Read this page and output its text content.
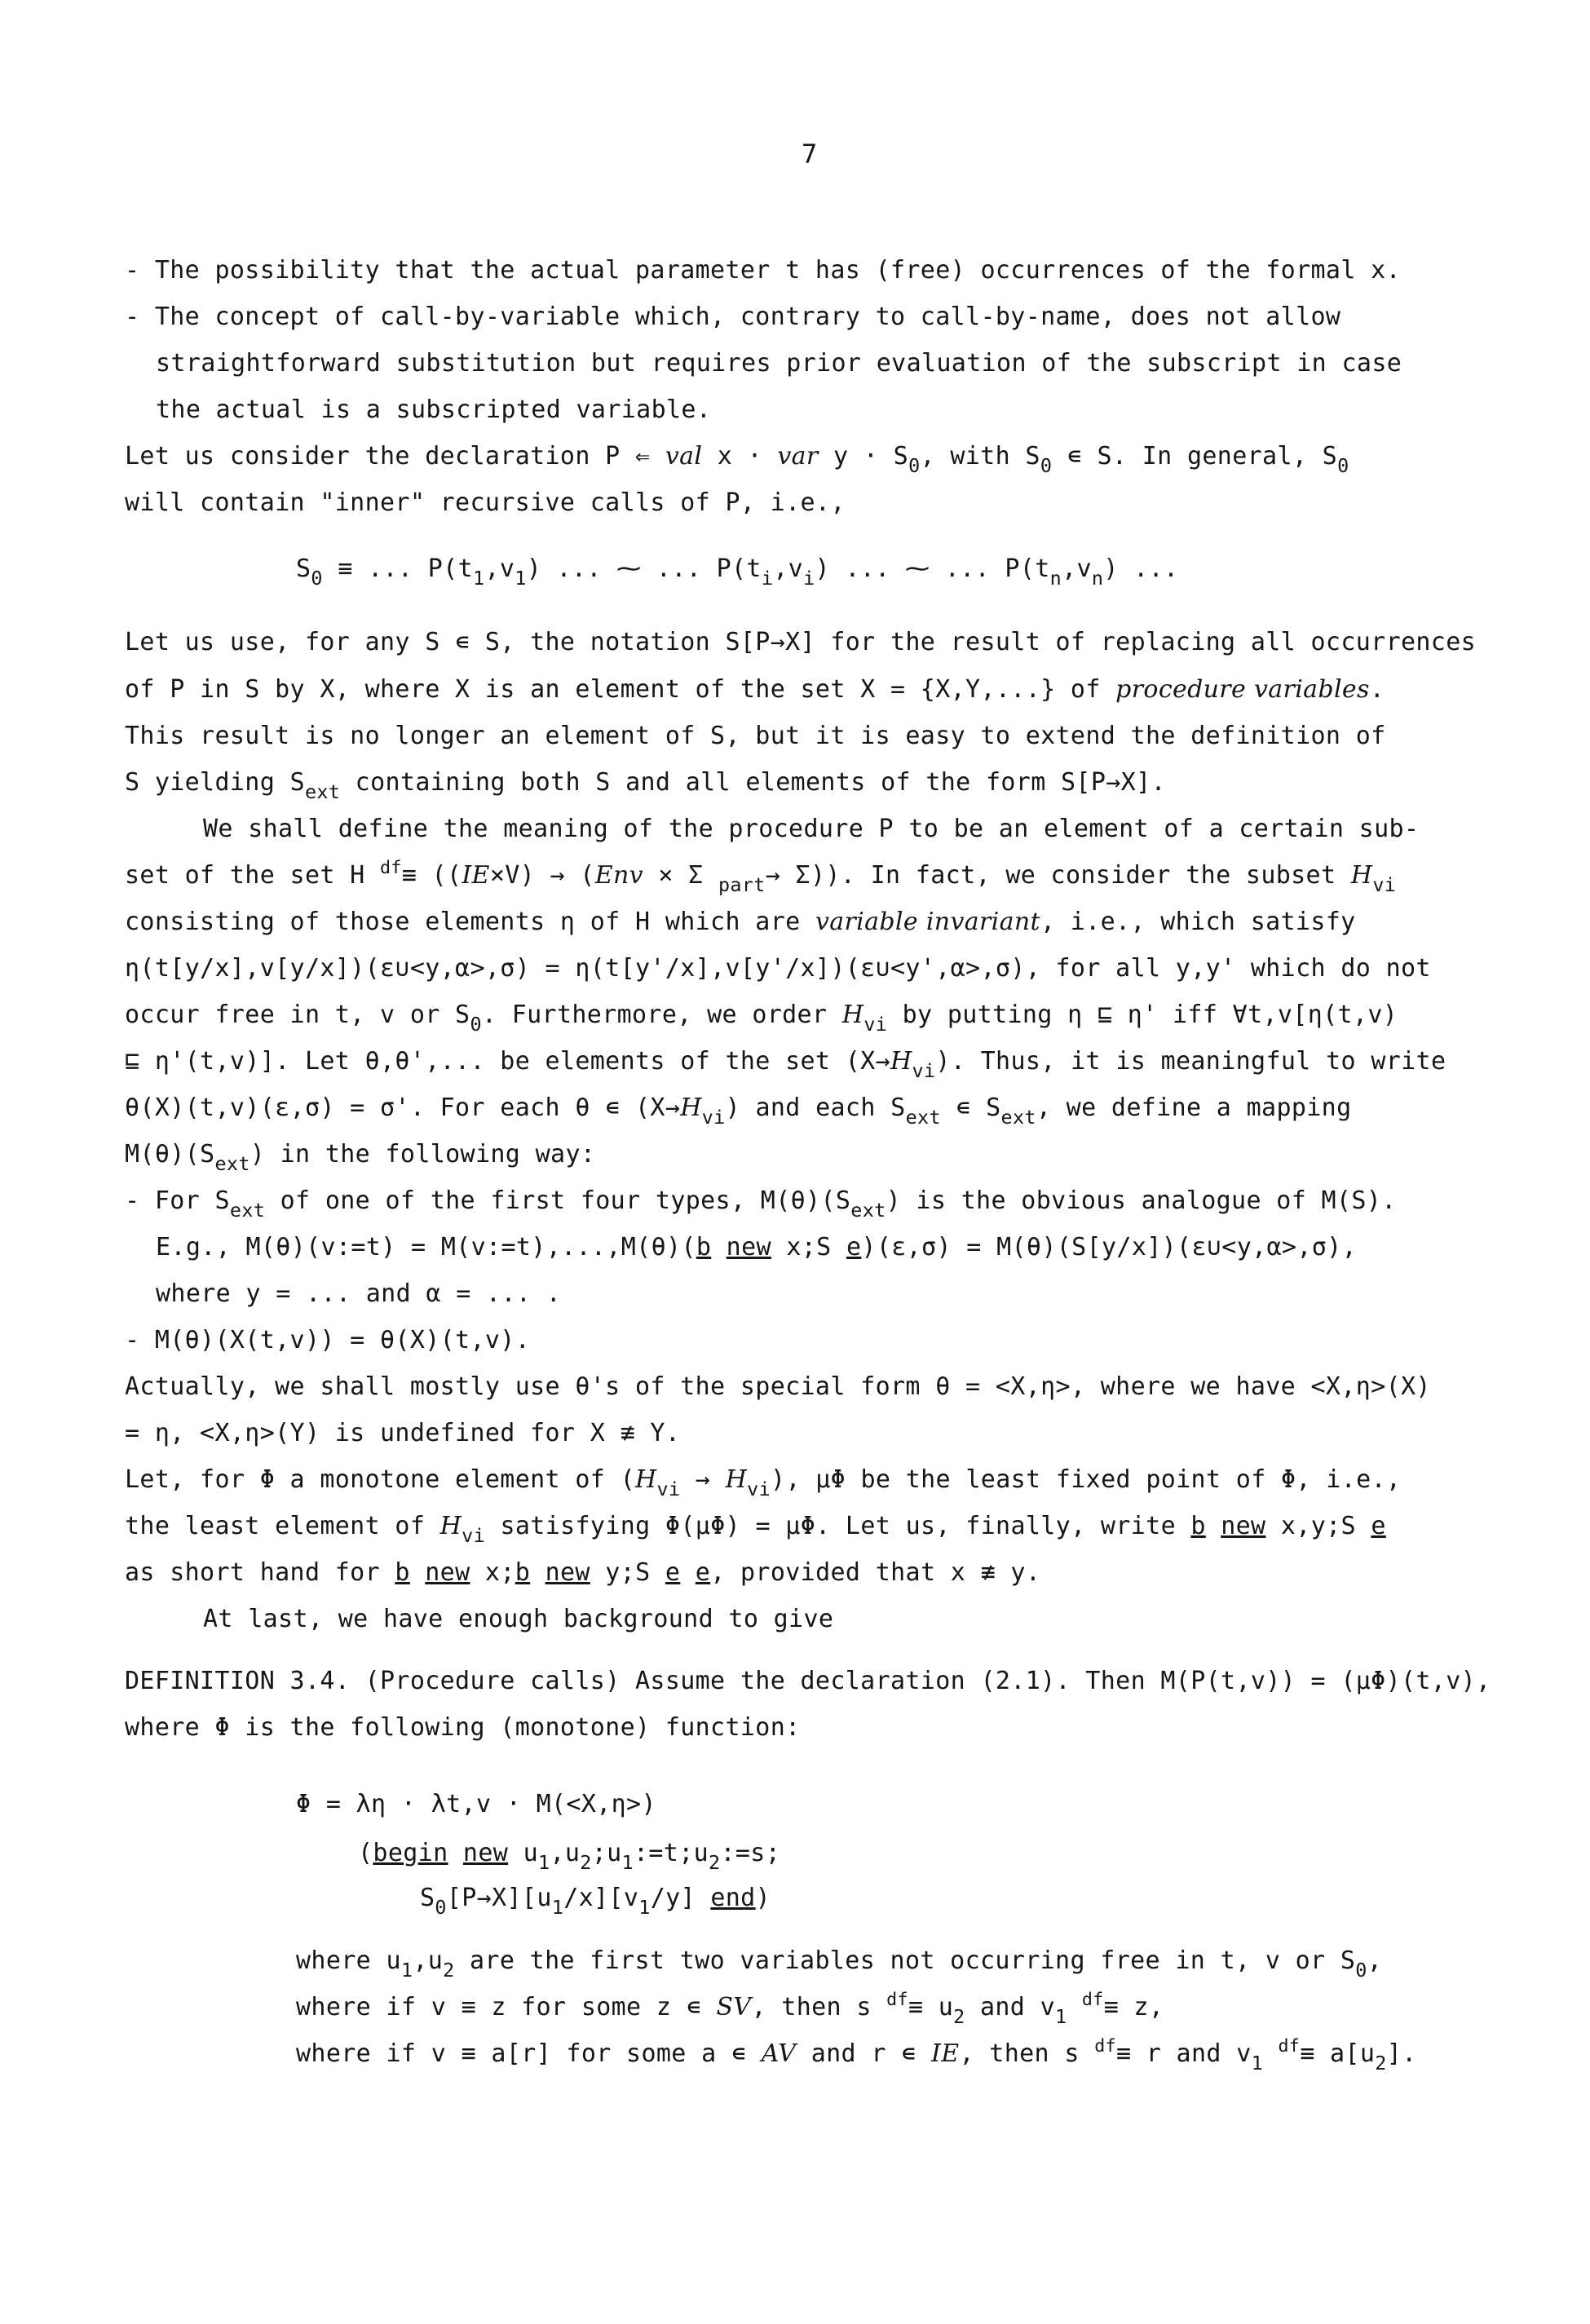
7
- The possibility that the actual parameter t has (free) occurrences of the formal x.
- The concept of call-by-variable which, contrary to call-by-name, does not allow
straightforward substitution but requires prior evaluation of the subscript in case
the actual is a subscripted variable.
Let us consider the declaration P ⇐ val x · var $y \cdot S_0$, with $S_0$ ∊ S. In general, $S_0$
will contain "inner" recursive calls of P, i.e.,
$S_0$ ≡ ... $P(t_1,v_1)$ ... ⁓ ... $P(t_i,v_i)$ ... ⁓ ... $P(t_n,v_n)$ ...
Let us use, for any S ∊ S, the notation S[P→X] for the result of replacing all occurrences
of P in S by X, where X is an element of the set X = {X,Y,...} of procedure variables.
This result is no longer an element of S, but it is easy to extend the definition of
S yielding $S_{ext}$ containing both S and all elements of the form S[P→X].
We shall define the meaning of the procedure P to be an element of a certain sub-
set of the set H $^{df}$≡ ((IE×V) → (Env × Σ $_{part}$→ Σ)). In fact, we consider the subset $H_{vi}$
consisting of those elements η of H which are variable invariant, i.e., which satisfy
η(t[y/x],v[y/x])(ε∪<y,α>,σ) = η(t[y'/x],v[y'/x])(ε∪<y',α>,σ), for all y,y' which do not
occur free in t, v or $S_0$. Furthermore, we order $H_{vi}$ by putting η ⊑ η' iff ∀t,v[η(t,v)
⊑ η'(t,v)]. Let θ,θ',... be elements of the set $(X\to H_{vi})$. Thus, it is meaningful to write
θ(X)(t,v)(ε,σ) = σ'. For each θ ∊ $(X\to H_{vi})$ and each $S_{ext}$ ∊ $S_{ext}$, we define a mapping
$M(\theta)(S_{ext})$ in the following way:
- For $S_{ext}$ of one of the first four types, $M(\theta)(S_{ext})$ is the obvious analogue of M(S).
E.g., M(θ)(v:=t) = M(v:=t),...,M(θ)(b new x;S e)(ε,σ) = M(θ)(S[y/x])(ε∪<y,α>,σ),
where y = ... and α = ... .
- M(θ)(X(t,v)) = θ(X)(t,v).
Actually, we shall mostly use θ's of the special form θ = <X,η>, where we have <X,η>(X)
= η, <X,η>(Y) is undefined for X ≢ Y.
Let, for Φ a monotone element of $(H_{vi} \to H_{vi})$, μΦ be the least fixed point of Φ, i.e.,
the least element of $H_{vi}$ satisfying Φ(μΦ) = μΦ. Let us, finally, write b new x,y;S e
as short hand for b new x;b new y;S e e, provided that x ≢ y.
At last, we have enough background to give
DEFINITION 3.4. (Procedure calls) Assume the declaration (2.1). Then M(P(t,v)) = (μΦ)(t,v),
where Φ is the following (monotone) function:
Φ = λη · λt,v · M(<X,η>)
(begin new $u_1,u_2;u_1:=t;u_2:=s$;
$S_0[P\to X][u_1/x][v_1/y]$ end)
where $u_1,u_2$ are the first two variables not occurring free in t, v or $S_0$,
where if v ≡ z for some z ∊ SV, then s $^{df}\equiv u_2$ and $v_1$ $^{df}$≡ z,
where if v ≡ a[r] for some a ∊ AV and r ∊ IE, then s $^{df}$≡ r and $v_1$ $^{df}\equiv a[u_2]$.
